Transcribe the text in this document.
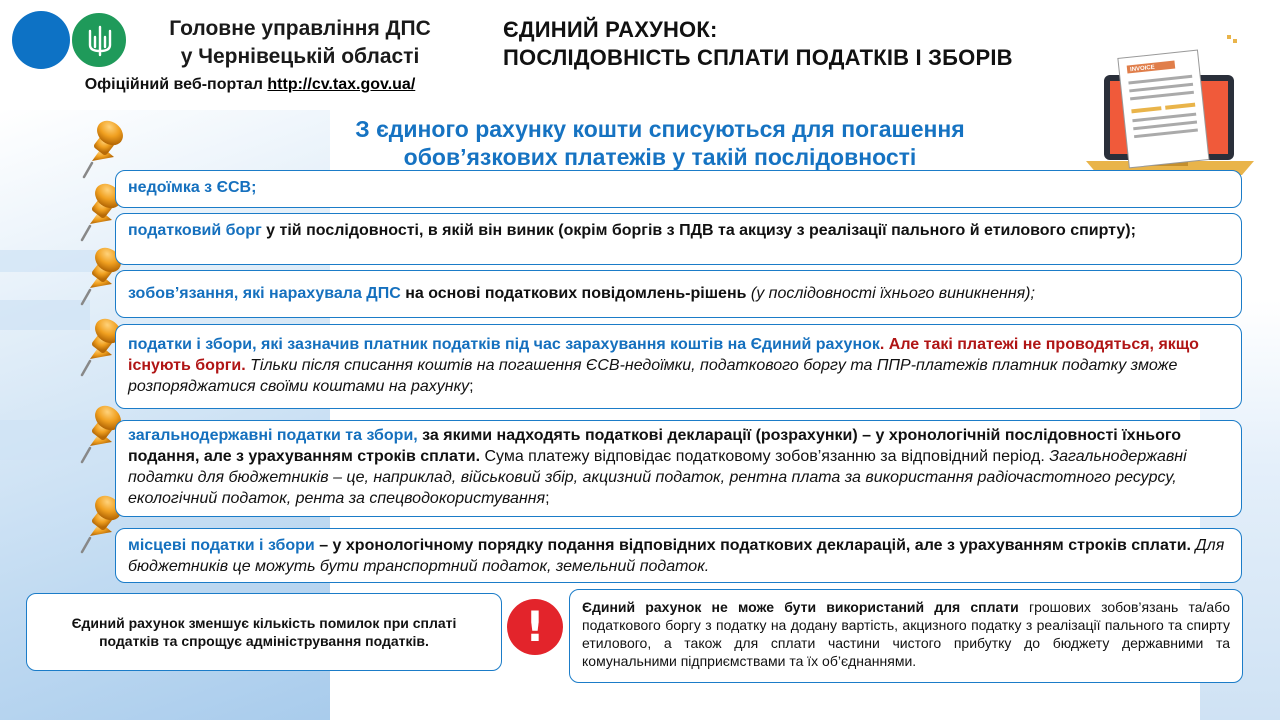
Головне управління ДПС
у Чернівецькій області
Офіційний веб-портал http://cv.tax.gov.ua/
ЄДИНИЙ РАХУНОК:
ПОСЛІДОВНІСТЬ СПЛАТИ ПОДАТКІВ І ЗБОРІВ	INVOICE
З єдиного рахунку кошти списуються для погашення
обов’язкових платежів у такій послідовності
недоїмка з ЄСВ;
податковий борг у тій послідовності, в якій він виник (окрім боргів з ПДВ та акцизу з реалізації пального й етилового спирту);
зобов’язання, які нарахувала ДПС на основі податкових повідомлень-рішень (у послідовності їхнього виникнення);
податки і збори, які зазначив платник податків під час зарахування коштів на Єдиний рахунок. Але такі платежі не проводяться, якщо існують борги. Тільки після списання коштів на погашення ЄСВ-недоїмки, податкового боргу та ППР-платежів платник податку зможе розпоряджатися своїми коштами на рахунку;
загальнодержавні податки та збори, за якими надходять податкові декларації (розрахунки) – у хронологічній послідовності їхнього подання, але з урахуванням строків сплати. Сума платежу відповідає податковому зобов’язанню за відповідний період. Загальнодержавні податки для бюджетників – це, наприклад, військовий збір, акцизний податок, рентна плата за використання радіочастотного ресурсу, екологічний податок, рента за спецводокористування;
місцеві податки і збори – у хронологічному порядку подання відповідних податкових декларацій, але з урахуванням строків сплати. Для бюджетників це можуть бути транспортний податок, земельний податок.
Єдиний рахунок зменшує кількість помилок при сплаті податків та спрощує адміністрування податків.	!	Єдиний рахунок не може бути використаний для сплати грошових зобов’язань та/або податкового боргу з податку на додану вартість, акцизного податку з реалізації пального та спирту етилового, а також для сплати частини чистого прибутку до бюджету державними та комунальними підприємствами та їх об’єднаннями.
